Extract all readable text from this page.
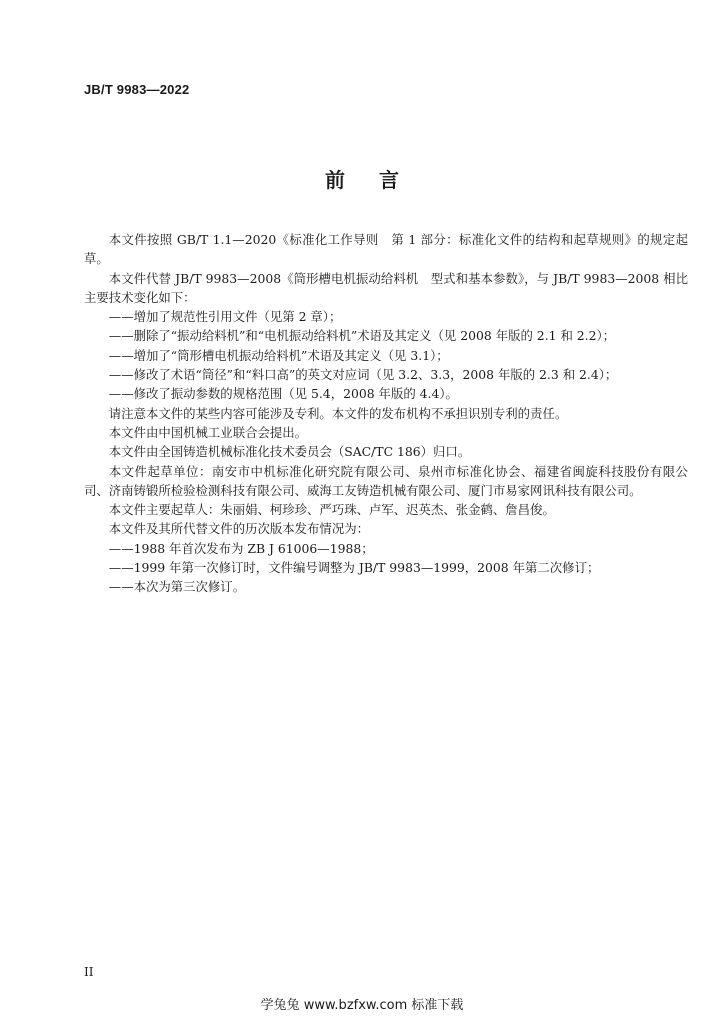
JB/T 9983—2022
前言

本文件按照 GB/T 1.1—2020《标准化工作导则　第 1 部分：标准化文件的结构和起草规则》的规定起草。

本文件代替 JB/T 9983—2008《筒形槽电机振动给料机　型式和基本参数》，与 JB/T 9983—2008 相比主要技术变化如下：

——增加了规范性引用文件（见第 2 章）；

——删除了“振动给料机”和“电机振动给料机”术语及其定义（见 2008 年版的 2.1 和 2.2）；

——增加了“筒形槽电机振动给料机”术语及其定义（见 3.1）；

——修改了术语“筒径”和“料口高”的英文对应词（见 3.2、3.3，2008 年版的 2.3 和 2.4）；

——修改了振动参数的规格范围（见 5.4，2008 年版的 4.4）。

请注意本文件的某些内容可能涉及专利。本文件的发布机构不承担识别专利的责任。

本文件由中国机械工业联合会提出。

本文件由全国铸造机械标准化技术委员会（SAC/TC 186）归口。

本文件起草单位：南安市中机标准化研究院有限公司、泉州市标准化协会、福建省闽旋科技股份有限公司、济南铸锻所检验检测科技有限公司、威海工友铸造机械有限公司、厦门市易家网讯科技有限公司。

本文件主要起草人：朱丽娟、柯珍珍、严巧珠、卢军、迟英杰、张金鹤、詹昌俊。

本文件及其所代替文件的历次版本发布情况为：

——1988 年首次发布为 ZB J 61006—1988；

——1999 年第一次修订时，文件编号调整为 JB/T 9983—1999，2008 年第二次修订；

——本次为第三次修订。

II
学兔兔 www.bzfxw.com 标准下载
